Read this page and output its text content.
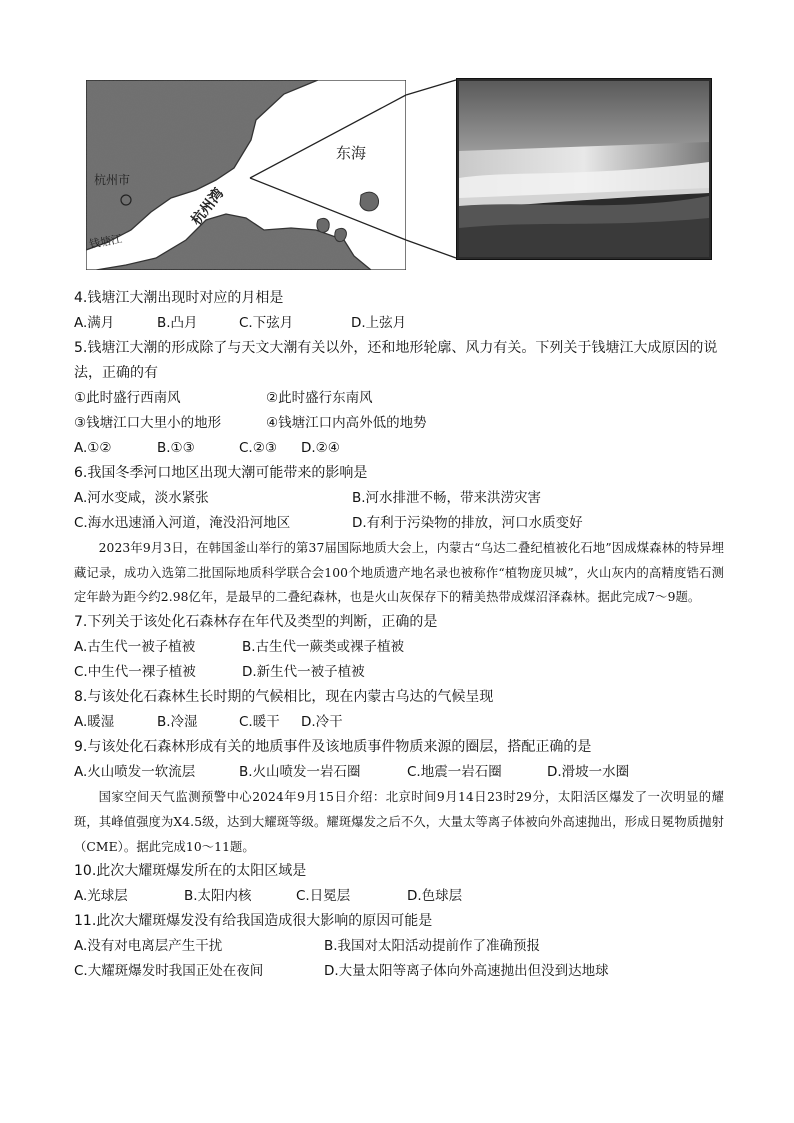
杭州市
杭州湾
东海
钱塘江
4.钱塘江大潮出现时对应的月相是
A.满月	B.凸月	C.下弦月	D.上弦月
5.钱塘江大潮的形成除了与天文大潮有关以外，还和地形轮廓、风力有关。下列关于钱塘江大成原因的说
法，正确的有
①此时盛行西南风	②此时盛行东南风
③钱塘江口大里小的地形	④钱塘江口内高外低的地势
A.①②	B.①③	C.②③ D.②④
6.我国冬季河口地区出现大潮可能带来的影响是
A.河水变咸，淡水紧张	B.河水排泄不畅，带来洪涝灾害
C.海水迅速涌入河道，淹没沿河地区	D.有利于污染物的排放，河口水质变好

2023年9月3日，在韩国釜山举行的第37届国际地质大会上，内蒙古“乌达二叠纪植被化石地”因成煤森林的特异埋藏记录，成功入选第二批国际地质科学联合会100个地质遗产地名录也被称作“植物庞贝城”，火山灰内的高精度锆石测定年龄为距今约2.98亿年，是最早的二叠纪森林，也是火山灰保存下的精美热带成煤沼泽森林。据此完成7～9题。

7.下列关于该处化石森林存在年代及类型的判断，正确的是
A.古生代一被子植被	B.古生代一蕨类或裸子植被
C.中生代一裸子植被	D.新生代一被子植被
8.与该处化石森林生长时期的气候相比，现在内蒙古乌达的气候呈现
A.暖湿	B.冷湿	C.暖干 D.冷干
9.与该处化石森林形成有关的地质事件及该地质事件物质来源的圈层，搭配正确的是
A.火山喷发一软流层	B.火山喷发一岩石圈	C.地震一岩石圈	D.滑坡一水圈

国家空间天气监测预警中心2024年9月15日介绍：北京时间9月14日23时29分，太阳活区爆发了一次明显的耀斑，其峰值强度为X4.5级，达到大耀斑等级。耀斑爆发之后不久，大量太等离子体被向外高速抛出，形成日冕物质抛射（CME）。据此完成10～11题。

10.此次大耀斑爆发所在的太阳区域是
A.光球层	B.太阳内核	C.日冕层	D.色球层
11.此次大耀斑爆发没有给我国造成很大影响的原因可能是
A.没有对电离层产生干扰	B.我国对太阳活动提前作了准确预报
C.大耀斑爆发时我国正处在夜间	D.大量太阳等离子体向外高速抛出但没到达地球
